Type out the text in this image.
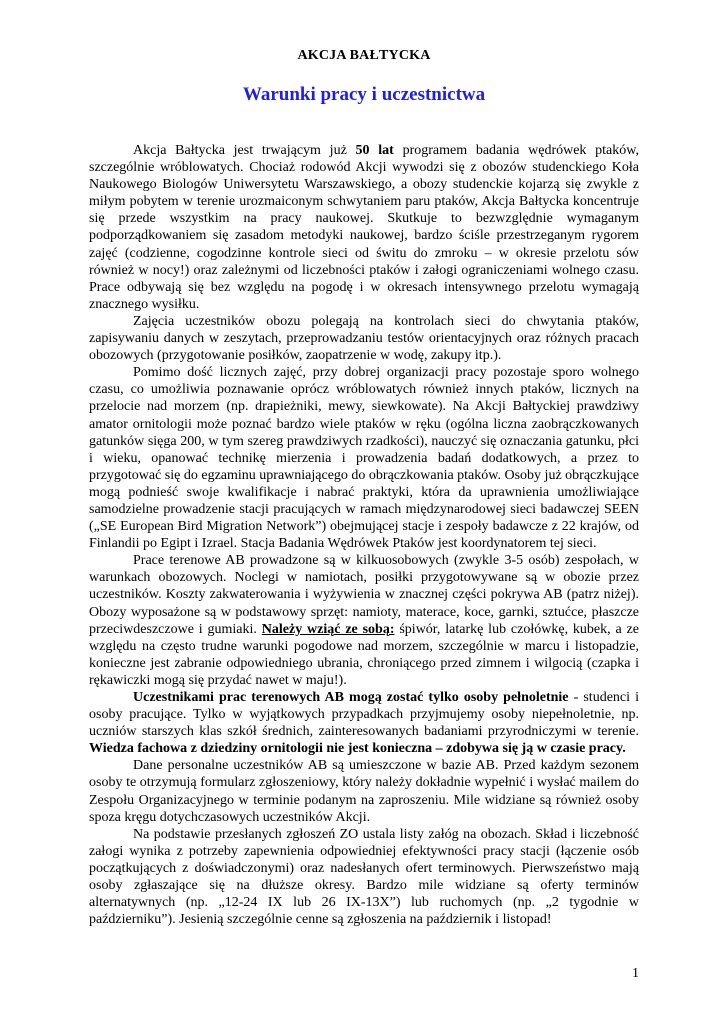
AKCJA BAŁTYCKA
Warunki pracy i uczestnictwa

Akcja Bałtycka jest trwającym już 50 lat programem badania wędrówek ptaków, szczególnie wróblowatych. Chociaż rodowód Akcji wywodzi się z obozów studenckiego Koła Naukowego Biologów Uniwersytetu Warszawskiego, a obozy studenckie kojarzą się zwykle z miłym pobytem w terenie urozmaiconym schwytaniem paru ptaków, Akcja Bałtycka koncentruje się przede wszystkim na pracy naukowej. Skutkuje to bezwzględnie wymaganym podporządkowaniem się zasadom metodyki naukowej, bardzo ściśle przestrzeganym rygorem zajęć (codzienne, cogodzinne kontrole sieci od świtu do zmroku – w okresie przelotu sów również w nocy!) oraz zależnymi od liczebności ptaków i załogi ograniczeniami wolnego czasu. Prace odbywają się bez względu na pogodę i w okresach intensywnego przelotu wymagają znacznego wysiłku.

Zajęcia uczestników obozu polegają na kontrolach sieci do chwytania ptaków, zapisywaniu danych w zeszytach, przeprowadzaniu testów orientacyjnych oraz różnych pracach obozowych (przygotowanie posiłków, zaopatrzenie w wodę, zakupy itp.).

Pomimo dość licznych zajęć, przy dobrej organizacji pracy pozostaje sporo wolnego czasu, co umożliwia poznawanie oprócz wróblowatych również innych ptaków, licznych na przelocie nad morzem (np. drapieżniki, mewy, siewkowate). Na Akcji Bałtyckiej prawdziwy amator ornitologii może poznać bardzo wiele ptaków w ręku (ogólna liczna zaobrączkowanych gatunków sięga 200, w tym szereg prawdziwych rzadkości), nauczyć się oznaczania gatunku, płci i wieku, opanować technikę mierzenia i prowadzenia badań dodatkowych, a przez to przygotować się do egzaminu uprawniającego do obrączkowania ptaków. Osoby już obrączkujące mogą podnieść swoje kwalifikacje i nabrać praktyki, która da uprawnienia umożliwiające samodzielne prowadzenie stacji pracujących w ramach międzynarodowej sieci badawczej SEEN („SE European Bird Migration Network”) obejmującej stacje i zespoły badawcze z 22 krajów, od Finlandii po Egipt i Izrael. Stacja Badania Wędrówek Ptaków jest koordynatorem tej sieci.

Prace terenowe AB prowadzone są w kilkuosobowych (zwykle 3-5 osób) zespołach, w warunkach obozowych. Noclegi w namiotach, posiłki przygotowywane są w obozie przez uczestników. Koszty zakwaterowania i wyżywienia w znacznej części pokrywa AB (patrz niżej). Obozy wyposażone są w podstawowy sprzęt: namioty, materace, koce, garnki, sztućce, płaszcze przeciwdeszczowe i gumiaki. Należy wziąć ze sobą: śpiwór, latarkę lub czołówkę, kubek, a ze względu na często trudne warunki pogodowe nad morzem, szczególnie w marcu i listopadzie, konieczne jest zabranie odpowiedniego ubrania, chroniącego przed zimnem i wilgocią (czapka i rękawiczki mogą się przydać nawet w maju!).

Uczestnikami prac terenowych AB mogą zostać tylko osoby pełnoletnie - studenci i osoby pracujące. Tylko w wyjątkowych przypadkach przyjmujemy osoby niepełnoletnie, np. uczniów starszych klas szkół średnich, zainteresowanych badaniami przyrodniczymi w terenie. Wiedza fachowa z dziedziny ornitologii nie jest konieczna – zdobywa się ją w czasie pracy.

Dane personalne uczestników AB są umieszczone w bazie AB. Przed każdym sezonem osoby te otrzymują formularz zgłoszeniowy, który należy dokładnie wypełnić i wysłać mailem do Zespołu Organizacyjnego w terminie podanym na zaproszeniu. Mile widziane są również osoby spoza kręgu dotychczasowych uczestników Akcji.

Na podstawie przesłanych zgłoszeń ZO ustala listy załóg na obozach. Skład i liczebność załogi wynika z potrzeby zapewnienia odpowiedniej efektywności pracy stacji (łączenie osób początkujących z doświadczonymi) oraz nadesłanych ofert terminowych. Pierwszeństwo mają osoby zgłaszające się na dłuższe okresy. Bardzo mile widziane są oferty terminów alternatywnych (np. „12-24 IX lub 26 IX-13X”) lub ruchomych (np. „2 tygodnie w październiku”). Jesienią szczególnie cenne są zgłoszenia na październik i listopad!

1
